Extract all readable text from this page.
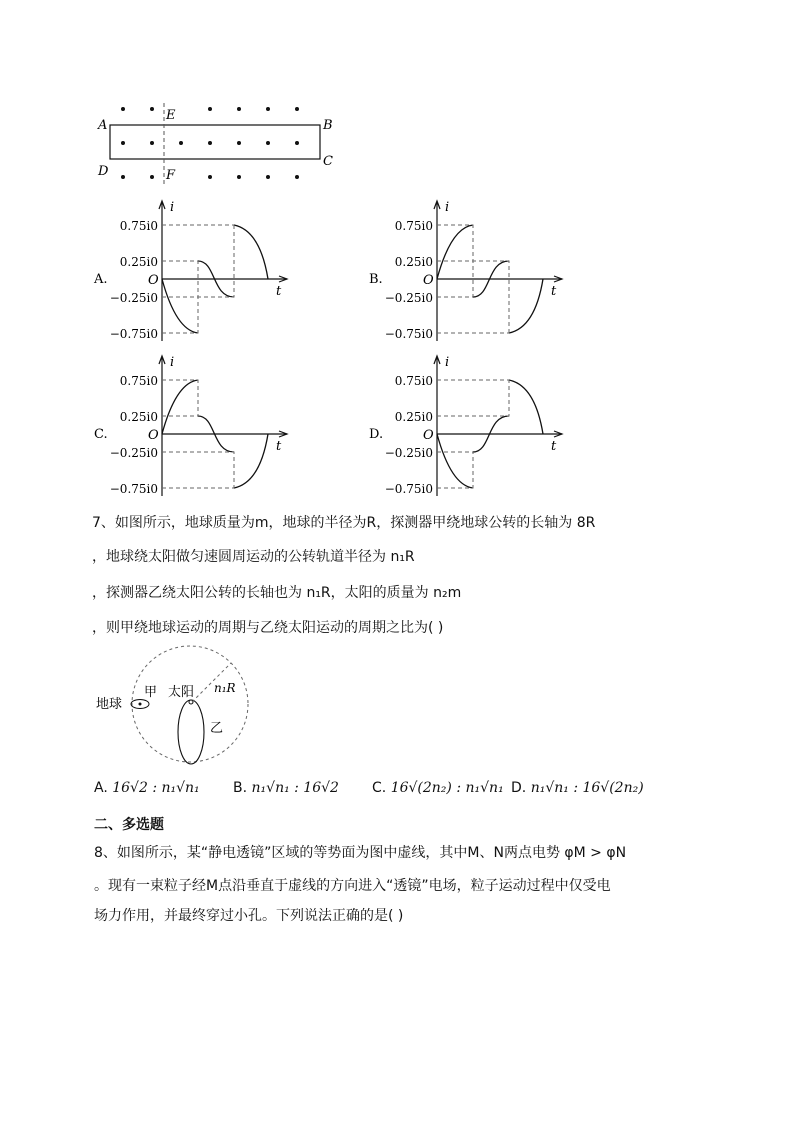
A	B
C
D
E
F
i
t
O
0.75i0
0.25i0
−0.25i0
−0.75i0
A.
i
t
O
0.75i0
0.25i0
−0.25i0
−0.75i0
B.
i
t
O
0.75i0
0.25i0
−0.25i0
−0.75i0
C.
i
t
O
0.75i0
0.25i0
−0.25i0
−0.75i0
D.
7、如图所示，地球质量为m，地球的半径为R，探测器甲绕地球公转的长轴为 8R
，地球绕太阳做匀速圆周运动的公转轨道半径为 n₁R
，探测器乙绕太阳公转的长轴也为 n₁R，太阳的质量为 n₂m
，则甲绕地球运动的周期与乙绕太阳运动的周期之比为( )
地球
甲 太阳
乙
n₁R
A. 16√2 : n₁√n₁ B. n₁√n₁ : 16√2 C. 16√(2n₂) : n₁√n₁ D. n₁√n₁ : 16√(2n₂)
二、多选题
8、如图所示，某“静电透镜”区域的等势面为图中虚线，其中M、N两点电势 φM > φN
。现有一束粒子经M点沿垂直于虚线的方向进入“透镜”电场，粒子运动过程中仅受电
场力作用，并最终穿过小孔。下列说法正确的是( )
